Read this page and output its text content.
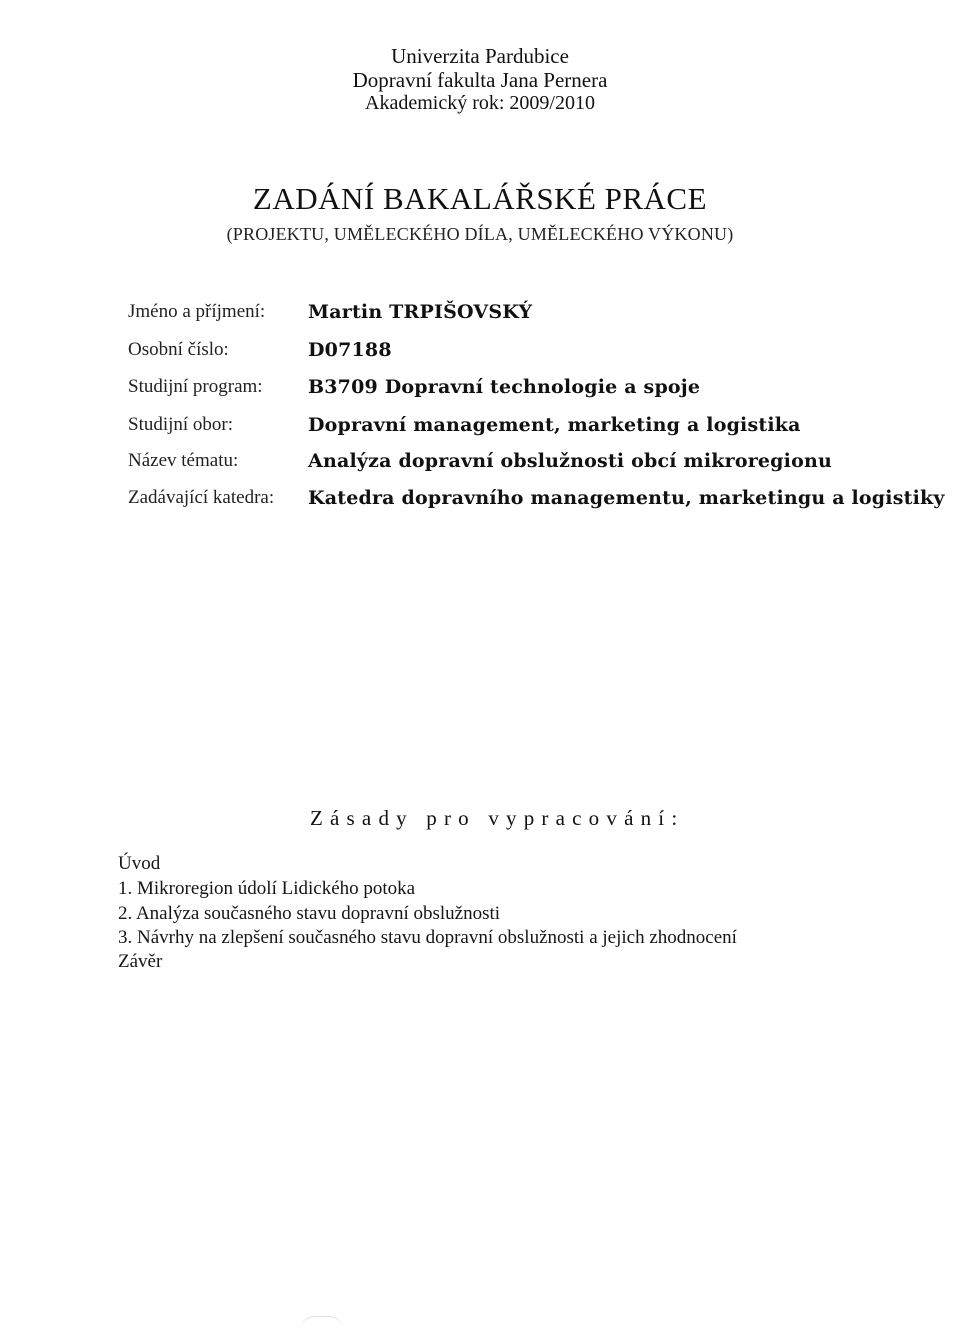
Univerzita Pardubice
Dopravní fakulta Jana Pernera
Akademický rok: 2009/2010
ZADÁNÍ BAKALÁŘSKÉ PRÁCE
(PROJEKTU, UMĚLECKÉHO DÍLA, UMĚLECKÉHO VÝKONU)
Jméno a příjmení: Martin TRPIŠOVSKÝ
Osobní číslo:	D07188
Studijní program: B3709 Dopravní technologie a spoje
Studijní obor:	Dopravní management, marketing a logistika
Název tématu:	Analýza dopravní obslužnosti obcí mikroregionu
Zadávající katedra: Katedra dopravního managementu, marketingu a logistiky
Zásady pro vypracování:
Úvod
1. Mikroregion údolí Lidického potoka
2. Analýza současného stavu dopravní obslužnosti
3. Návrhy na zlepšení současného stavu dopravní obslužnosti a jejich zhodnocení
Závěr
